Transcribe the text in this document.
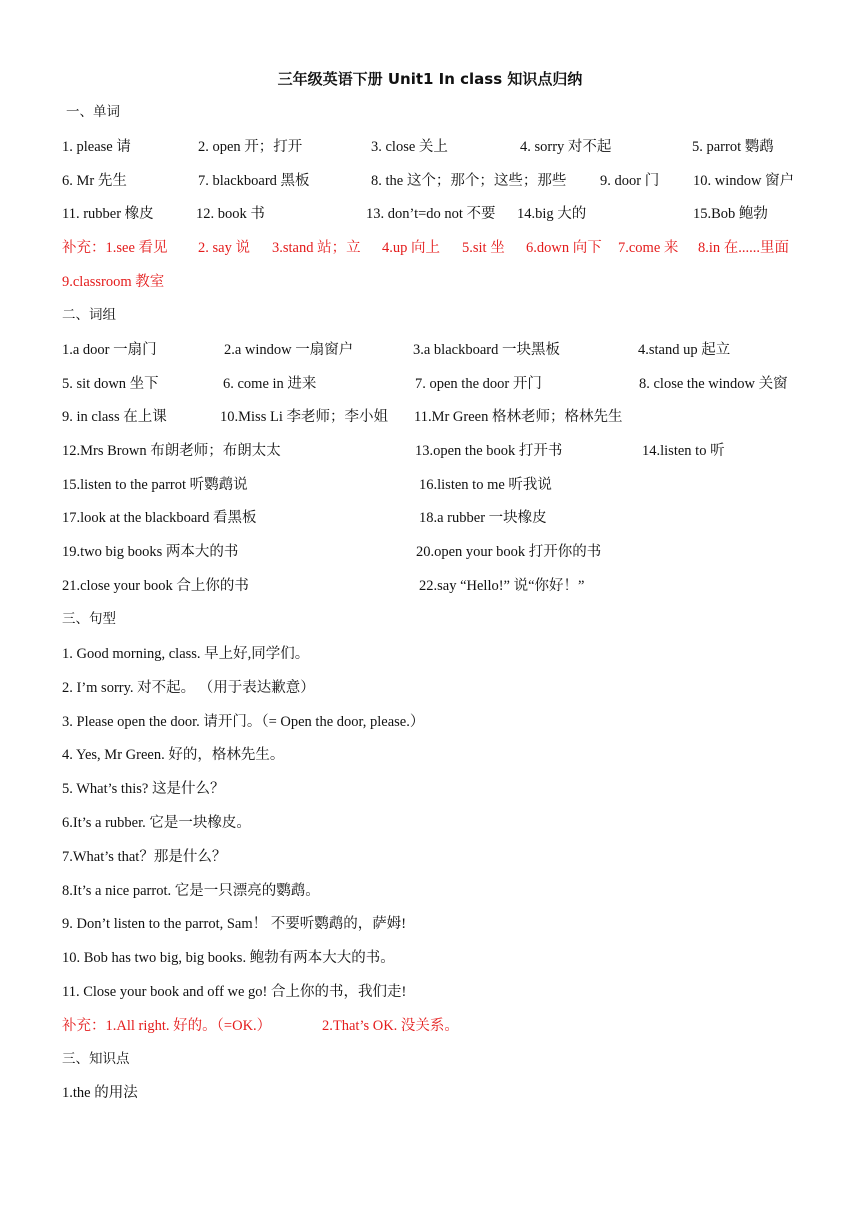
三年级英语下册 Unit1 In class 知识点归纳
一、单词
1. please 请	2. open 开；打开	3. close 关上	4. sorry 对不起	5. parrot 鹦鹉
6. Mr 先生	7. blackboard 黑板	8. the 这个；那个；这些；那些 9. door 门 10. window 窗户
11. rubber 橡皮	12. book 书	13. don’t=do not 不要 14.big 大的	15.Bob 鲍勃
补充：1.see 看见 2. say 说 3.stand 站；立 4.up 向上 5.sit 坐 6.down 向下 7.come 来 8.in 在......里面
9.classroom 教室
二、词组
1.a door 一扇门	2.a window 一扇窗户	3.a blackboard 一块黑板	4.stand up 起立
5. sit down 坐下	6. come in 进来	7. open the door 开门	8. close the window 关窗
9. in class 在上课	10.Miss Li 李老师；李小姐 11.Mr Green 格林老师；格林先生
12.Mrs Brown 布朗老师；布朗太太	13.open the book 打开书	14.listen to 听
15.listen to the parrot 听鹦鹉说	16.listen to me 听我说
17.look at the blackboard 看黑板	18.a rubber 一块橡皮
19.two big books 两本大的书	20.open your book 打开你的书
21.close your book 合上你的书	22.say “Hello!” 说“你好！”
三、句型
1. Good morning, class. 早上好,同学们。
2. I’m sorry. 对不起。 （用于表达歉意）
3. Please open the door. 请开门。（= Open the door, please.）
4. Yes, Mr Green. 好的，格林先生。
5. What’s this? 这是什么？
6.It’s a rubber. 它是一块橡皮。
7.What’s that？那是什么？
8.It’s a nice parrot. 它是一只漂亮的鹦鹉。
9. Don’t listen to the parrot, Sam！ 不要听鹦鹉的，萨姆!
10. Bob has two big, big books. 鲍勃有两本大大的书。
11. Close your book and off we go! 合上你的书，我们走!
补充：1.All right. 好的。（=OK.）	2.That’s OK. 没关系。
三、知识点
1.the 的用法
